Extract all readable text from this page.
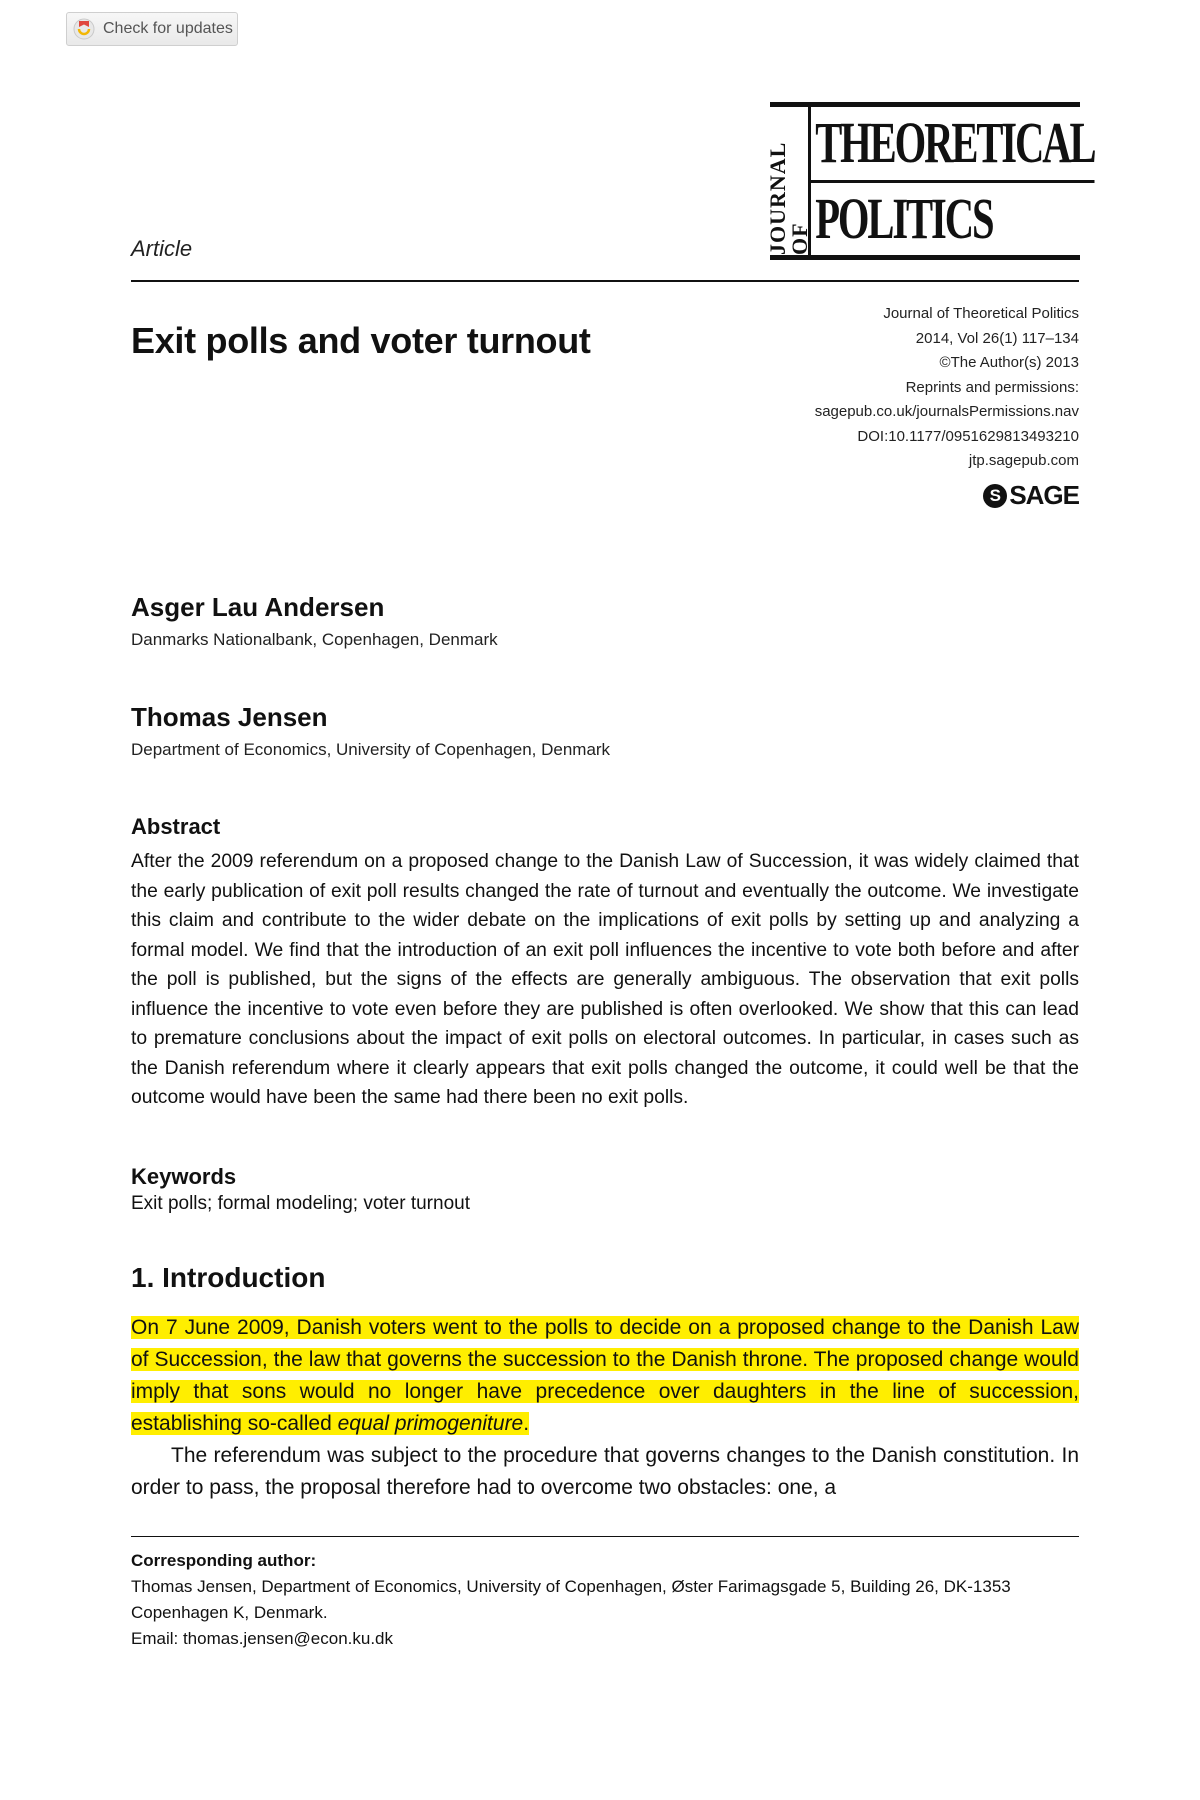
Check for updates
JOURNAL OF
THEORETICAL
POLITICS
Article
Exit polls and voter turnout
Journal of Theoretical Politics
2014, Vol 26(1) 117–134
©The Author(s) 2013
Reprints and permissions:
sagepub.co.uk/journalsPermissions.nav
DOI:10.1177/0951629813493210
jtp.sagepub.com
S SAGE
Asger Lau Andersen
Danmarks Nationalbank, Copenhagen, Denmark
Thomas Jensen
Department of Economics, University of Copenhagen, Denmark
Abstract

After the 2009 referendum on a proposed change to the Danish Law of Succession, it was widely claimed that the early publication of exit poll results changed the rate of turnout and eventually the outcome. We investigate this claim and contribute to the wider debate on the implications of exit polls by setting up and analyzing a formal model. We find that the introduction of an exit poll influences the incentive to vote both before and after the poll is published, but the signs of the effects are generally ambiguous. The observation that exit polls influence the incentive to vote even before they are published is often overlooked. We show that this can lead to premature conclusions about the impact of exit polls on electoral outcomes. In particular, in cases such as the Danish referendum where it clearly appears that exit polls changed the outcome, it could well be that the outcome would have been the same had there been no exit polls.

Keywords
Exit polls; formal modeling; voter turnout
1. Introduction

On 7 June 2009, Danish voters went to the polls to decide on a proposed change to the Danish Law of Succession, the law that governs the succession to the Danish throne. The proposed change would imply that sons would no longer have precedence over daughters in the line of succession, establishing so-called equal primogeniture.

The referendum was subject to the procedure that governs changes to the Danish constitution. In order to pass, the proposal therefore had to overcome two obstacles: one, a

Corresponding author:
Thomas Jensen, Department of Economics, University of Copenhagen, Øster Farimagsgade 5, Building 26, DK-1353 Copenhagen K, Denmark.
Email: thomas.jensen@econ.ku.dk
